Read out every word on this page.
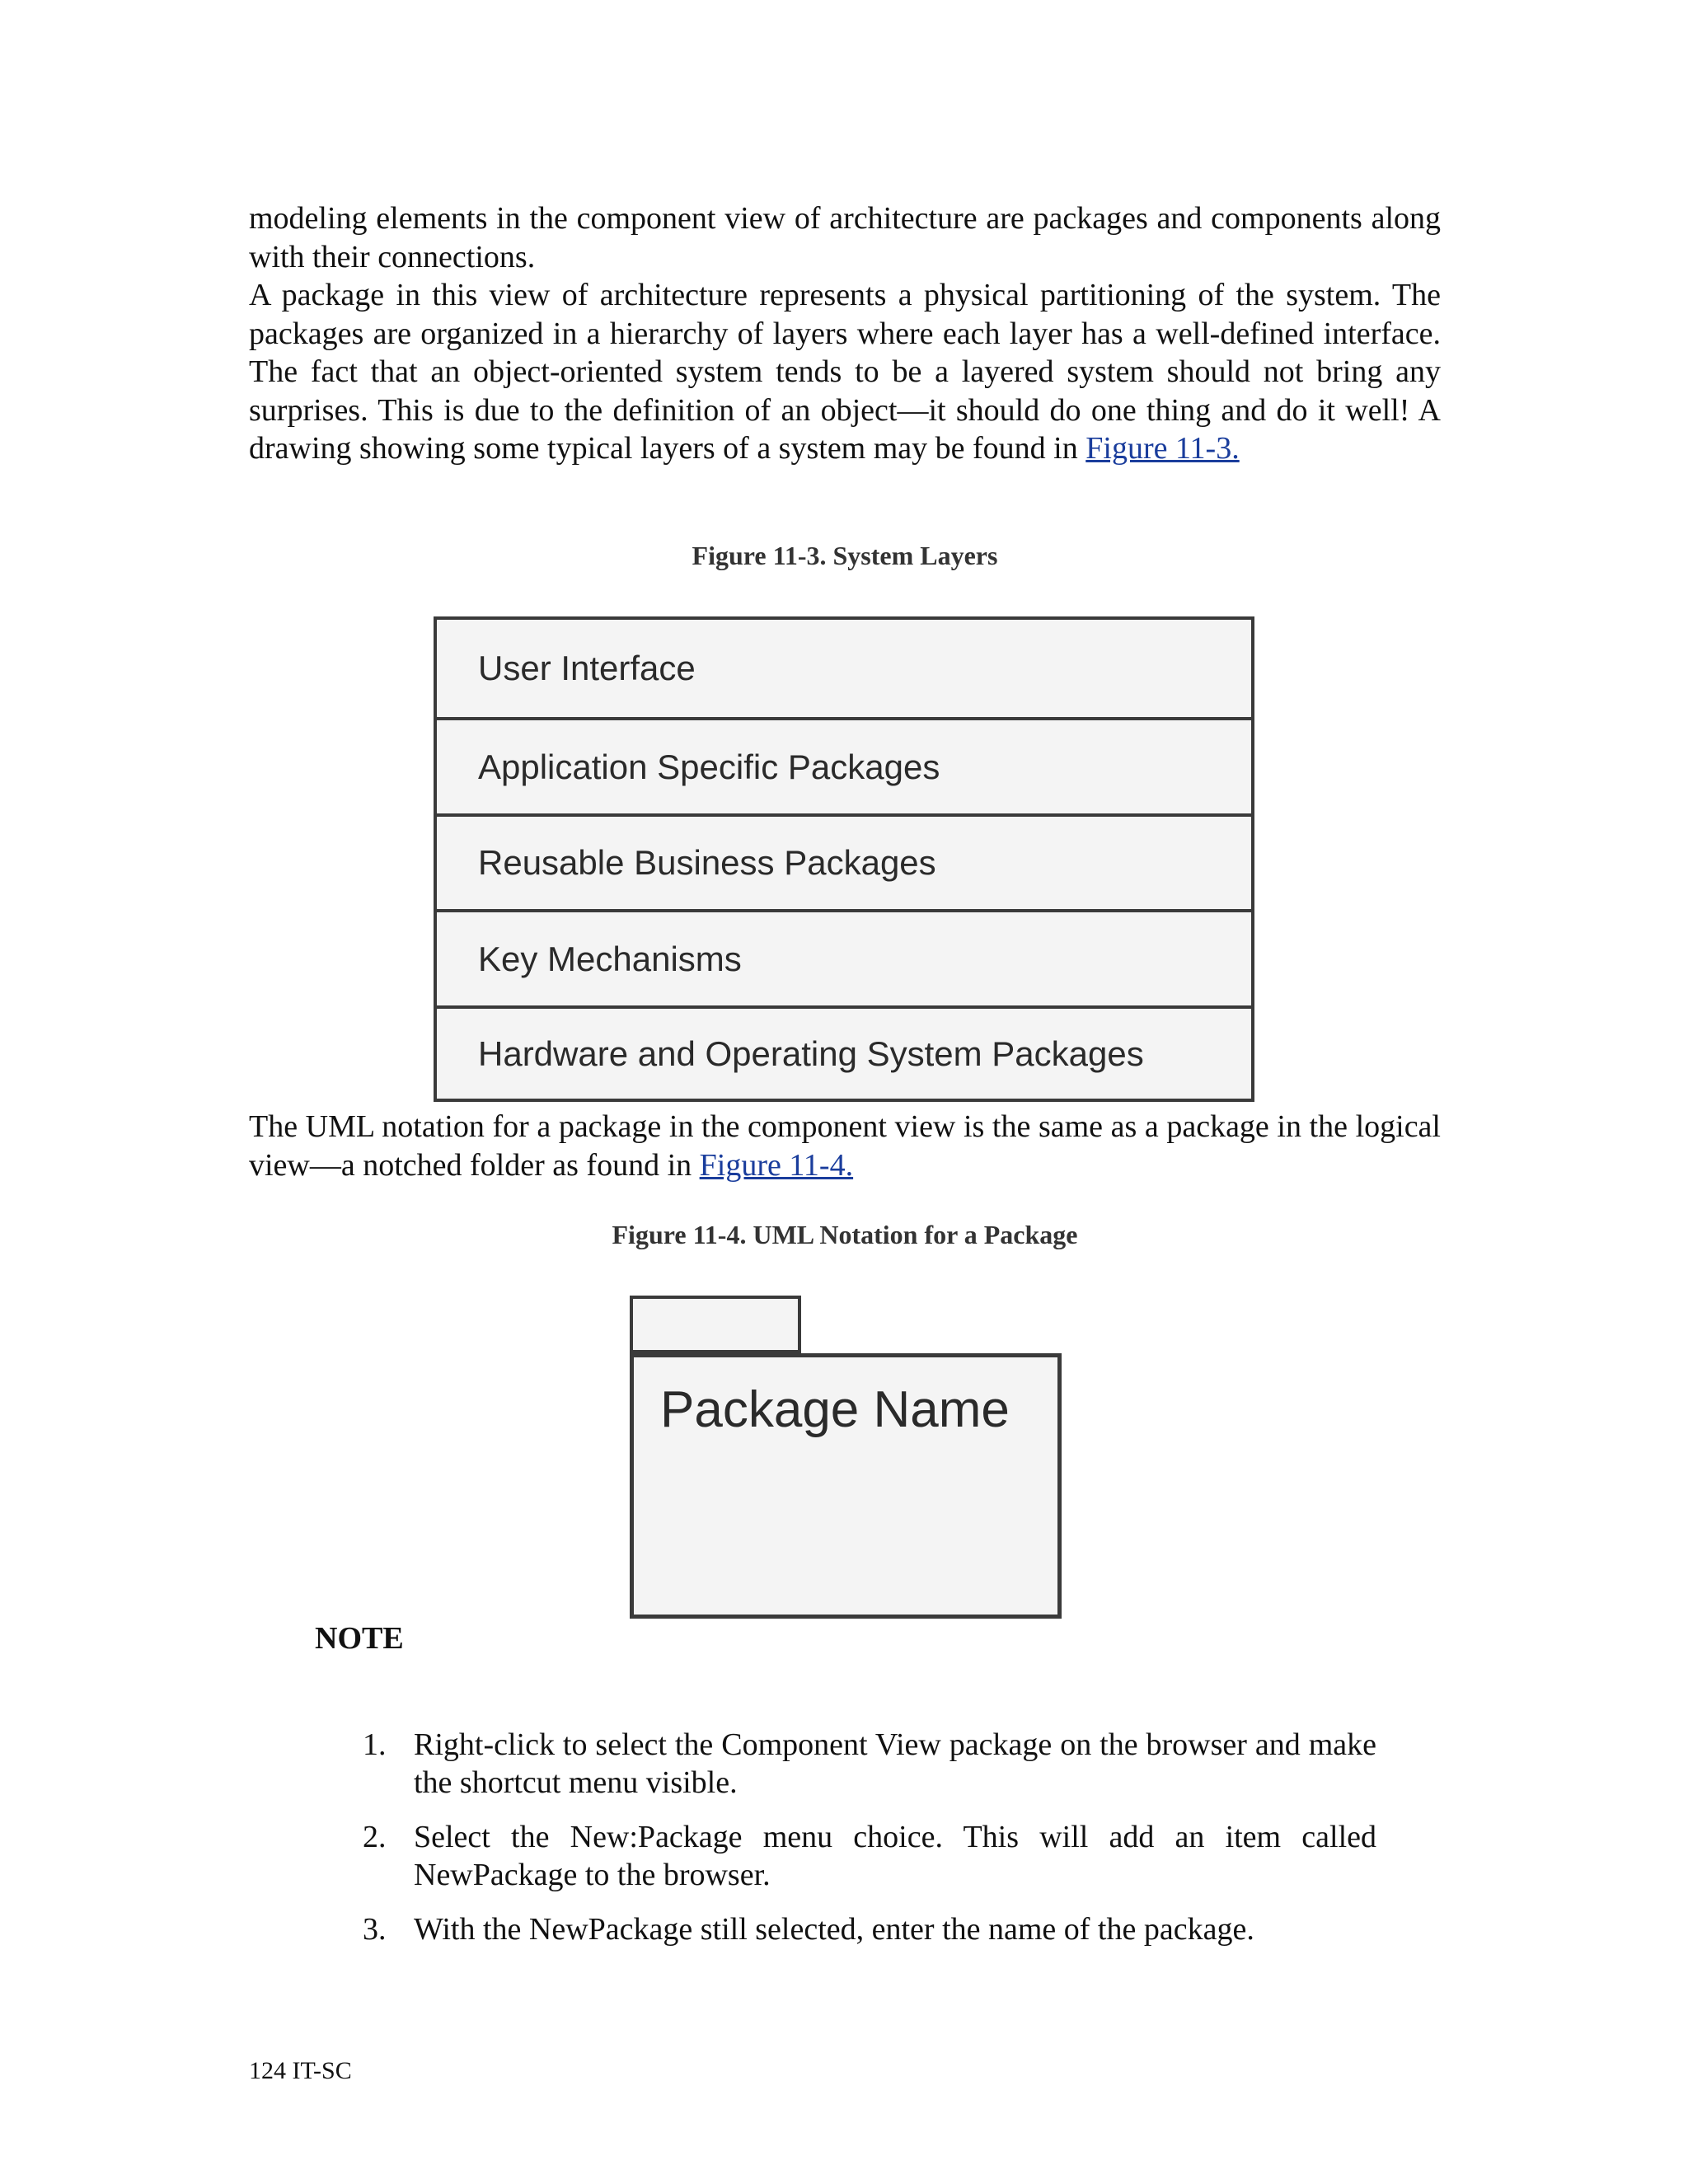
modeling elements in the component view of architecture are packages and components along with their connections.

A package in this view of architecture represents a physical partitioning of the system. The packages are organized in a hierarchy of layers where each layer has a well-defined interface. The fact that an object-oriented system tends to be a layered system should not bring any surprises. This is due to the definition of an object—it should do one thing and do it well! A drawing showing some typical layers of a system may be found in Figure 11-3.

Figure 11-3. System Layers
User Interface
Application Specific Packages
Reusable Business Packages
Key Mechanisms
Hardware and Operating System Packages

The UML notation for a package in the component view is the same as a package in the logical view—a notched folder as found in Figure 11-4.

Figure 11-4. UML Notation for a Package
Package Name
NOTE
1. Right-click to select the Component View package on the browser and make the shortcut menu visible.
2. Select the New:Package menu choice. This will add an item called NewPackage to the browser.
3. With the NewPackage still selected, enter the name of the package.
124 IT-SC
